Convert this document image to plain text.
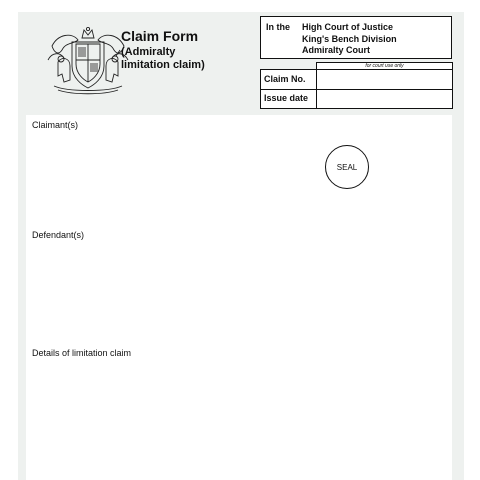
Claim Form
(Admiralty limitation claim)
In the High Court of Justice
King's Bench Division
Admiralty Court
for court use only
Claim No.
Issue date
Claimant(s)
SEAL
Defendant(s)
Details of limitation claim
